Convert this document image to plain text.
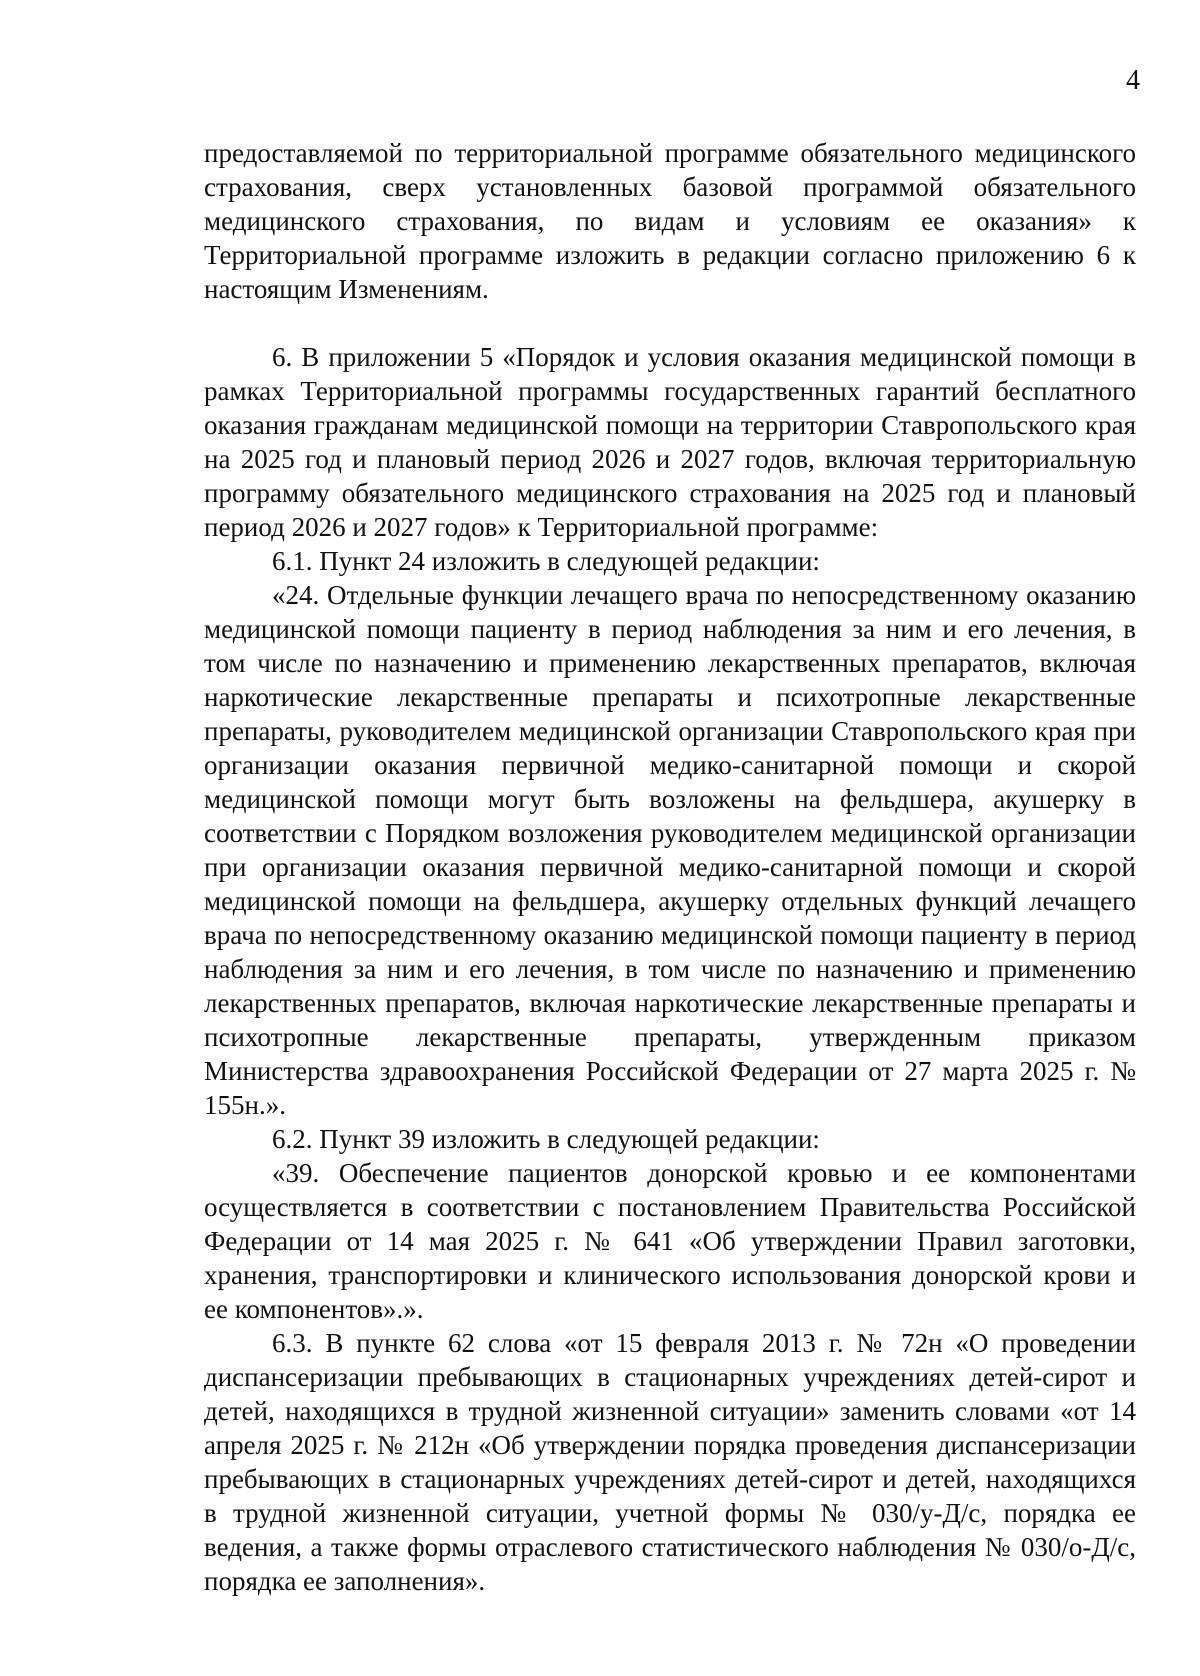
4

предоставляемой по территориальной программе обязательного медицинского страхования, сверх установленных базовой программой обязательного медицинского страхования, по видам и условиям ее оказания» к Территориальной программе изложить в редакции согласно приложению 6 к настоящим Изменениям.

6. В приложении 5 «Порядок и условия оказания медицинской помощи в рамках Территориальной программы государственных гарантий бесплатного оказания гражданам медицинской помощи на территории Ставропольского края на 2025 год и плановый период 2026 и 2027 годов, включая территориальную программу обязательного медицинского страхования на 2025 год и плановый период 2026 и 2027 годов» к Территориальной программе:

6.1. Пункт 24 изложить в следующей редакции:

«24. Отдельные функции лечащего врача по непосредственному оказанию медицинской помощи пациенту в период наблюдения за ним и его лечения, в том числе по назначению и применению лекарственных препаратов, включая наркотические лекарственные препараты и психотропные лекарственные препараты, руководителем медицинской организации Ставропольского края при организации оказания первичной медико-санитарной помощи и скорой медицинской помощи могут быть возложены на фельдшера, акушерку в соответствии с Порядком возложения руководителем медицинской организации при организации оказания первичной медико-санитарной помощи и скорой медицинской помощи на фельдшера, акушерку отдельных функций лечащего врача по непосредственному оказанию медицинской помощи пациенту в период наблюдения за ним и его лечения, в том числе по назначению и применению лекарственных препаратов, включая наркотические лекарственные препараты и психотропные лекарственные препараты, утвержденным приказом Министерства здравоохранения Российской Федерации от 27 марта 2025 г. № 155н.».

6.2. Пункт 39 изложить в следующей редакции:

«39. Обеспечение пациентов донорской кровью и ее компонентами осуществляется в соответствии с постановлением Правительства Российской Федерации от 14 мая 2025 г. № 641 «Об утверждении Правил заготовки, хранения, транспортировки и клинического использования донорской крови и ее компонентов».».

6.3. В пункте 62 слова «от 15 февраля 2013 г. № 72н «О проведении диспансеризации пребывающих в стационарных учреждениях детей-сирот и детей, находящихся в трудной жизненной ситуации» заменить словами «от 14 апреля 2025 г. № 212н «Об утверждении порядка проведения диспансеризации пребывающих в стационарных учреждениях детей-сирот и детей, находящихся в трудной жизненной ситуации, учетной формы № 030/у-Д/с, порядка ее ведения, а также формы отраслевого статистического наблюдения № 030/о-Д/с, порядка ее заполнения».
